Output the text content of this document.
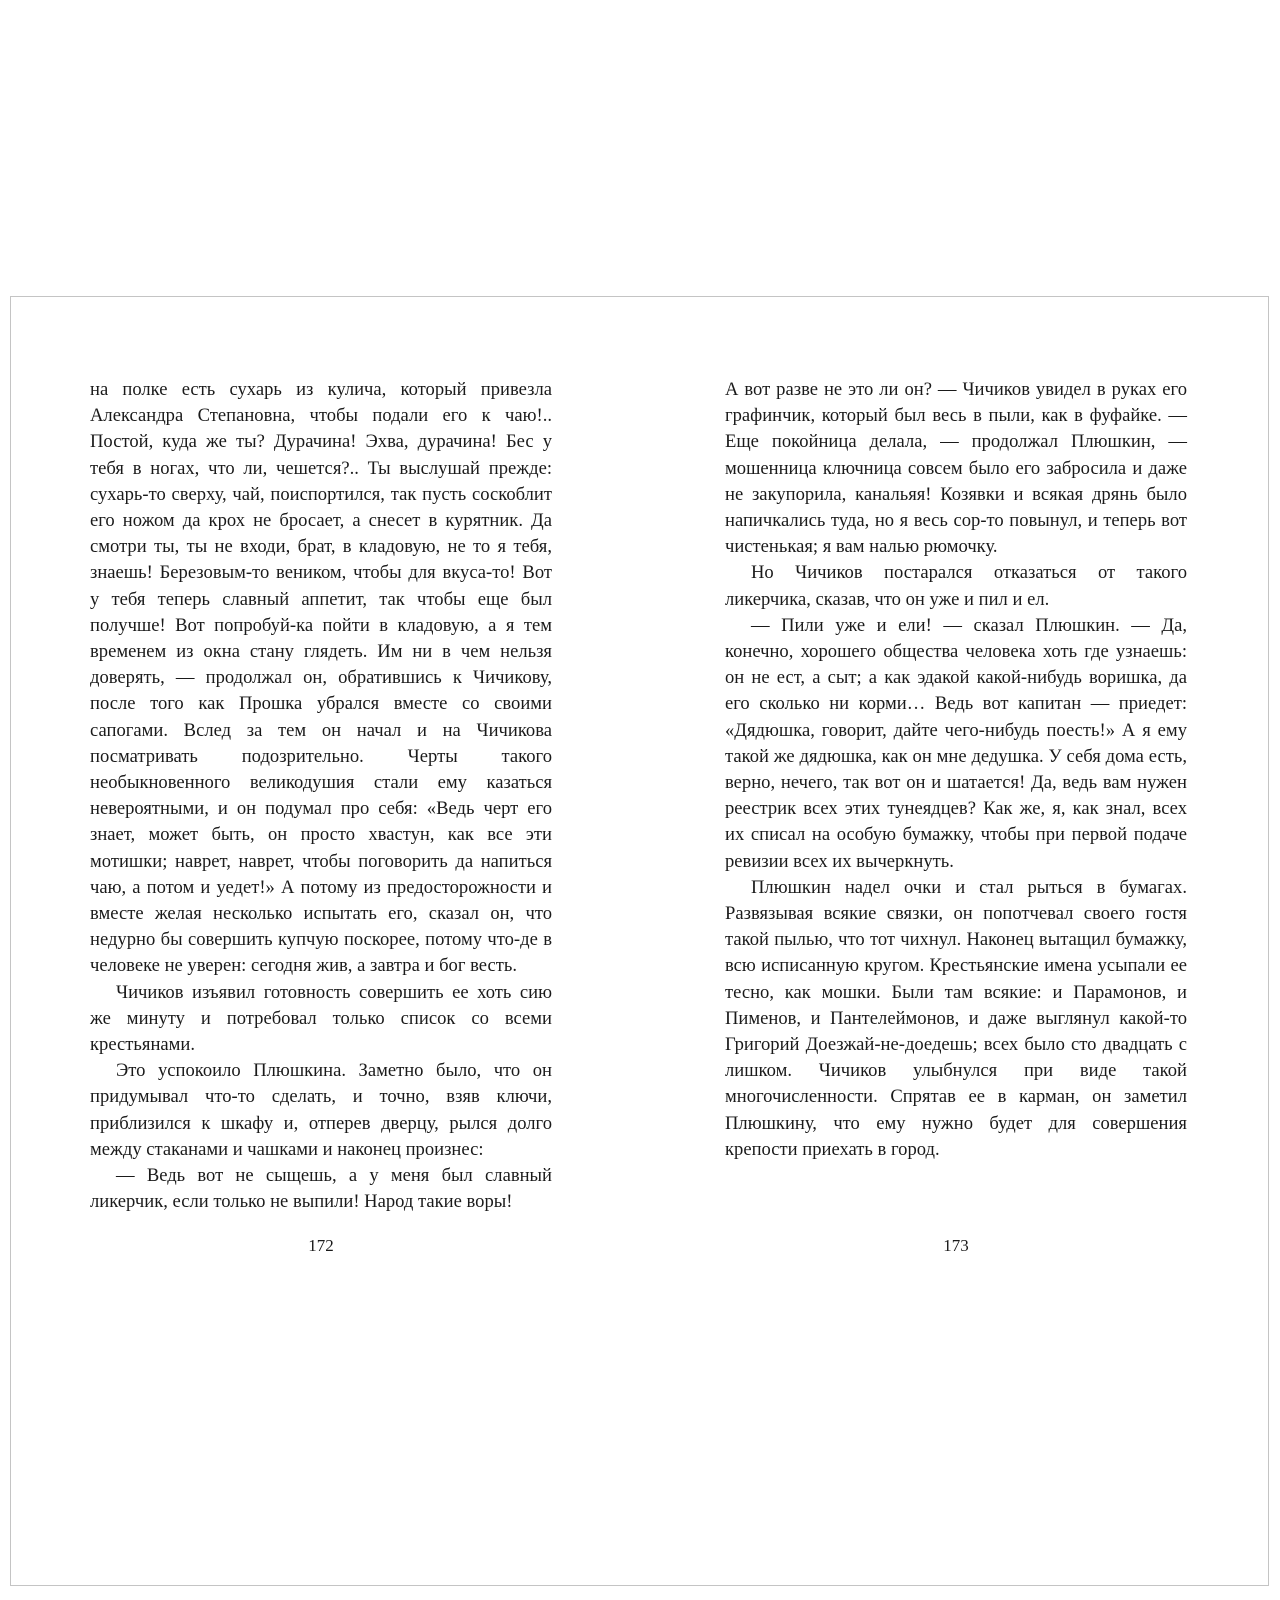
на полке есть сухарь из кулича, который привезла Александра Степановна, чтобы подали его к чаю!.. Постой, куда же ты? Дурачина! Эхва, дурачина! Бес у тебя в ногах, что ли, чешется?.. Ты выслушай прежде: сухарь-то сверху, чай, поиспортился, так пусть соскоблит его ножом да крох не бросает, а снесет в курятник. Да смотри ты, ты не входи, брат, в кладовую, не то я тебя, знаешь! Березовым-то веником, чтобы для вкуса-то! Вот у тебя теперь славный аппетит, так чтобы еще был получше! Вот попробуй-ка пойти в кладовую, а я тем временем из окна стану глядеть. Им ни в чем нельзя доверять, — продолжал он, обратившись к Чичикову, после того как Прошка убрался вместе со своими сапогами. Вслед за тем он начал и на Чичикова посматривать подозрительно. Черты такого необыкновенного великодушия стали ему казаться невероятными, и он подумал про себя: «Ведь черт его знает, может быть, он просто хвастун, как все эти мотишки; наврет, наврет, чтобы поговорить да напиться чаю, а потом и уедет!» А потому из предосторожности и вместе желая несколько испытать его, сказал он, что недурно бы совершить купчую поскорее, потому что-де в человеке не уверен: сегодня жив, а завтра и бог весть.

Чичиков изъявил готовность совершить ее хоть сию же минуту и потребовал только список со всеми крестьянами.

Это успокоило Плюшкина. Заметно было, что он придумывал что-то сделать, и точно, взяв ключи, приблизился к шкафу и, отперев дверцу, рылся долго между стаканами и чашками и наконец произнес:

— Ведь вот не сыщешь, а у меня был славный ликерчик, если только не выпили! Народ такие воры!

А вот разве не это ли он? — Чичиков увидел в руках его графинчик, который был весь в пыли, как в фуфайке. — Еще покойница делала, — продолжал Плюшкин, — мошенница ключница совсем было его забросила и даже не закупорила, канальяя! Козявки и всякая дрянь было напичкались туда, но я весь сор-то повынул, и теперь вот чистенькая; я вам налью рюмочку.

Но Чичиков постарался отказаться от такого ликерчика, сказав, что он уже и пил и ел.

— Пили уже и ели! — сказал Плюшкин. — Да, конечно, хорошего общества человека хоть где узнаешь: он не ест, а сыт; а как эдакой какой-нибудь воришка, да его сколько ни корми… Ведь вот капитан — приедет: «Дядюшка, говорит, дайте чего-нибудь поесть!» А я ему такой же дядюшка, как он мне дедушка. У себя дома есть, верно, нечего, так вот он и шатается! Да, ведь вам нужен реестрик всех этих тунеядцев? Как же, я, как знал, всех их списал на особую бумажку, чтобы при первой подаче ревизии всех их вычеркнуть.

Плюшкин надел очки и стал рыться в бумагах. Развязывая всякие связки, он попотчевал своего гостя такой пылью, что тот чихнул. Наконец вытащил бумажку, всю исписанную кругом. Крестьянские имена усыпали ее тесно, как мошки. Были там всякие: и Парамонов, и Пименов, и Пантелеймонов, и даже выглянул какой-то Григорий Доезжай-не-доедешь; всех было сто двадцать с лишком. Чичиков улыбнулся при виде такой многочисленности. Спрятав ее в карман, он заметил Плюшкину, что ему нужно будет для совершения крепости приехать в город.

172	173
